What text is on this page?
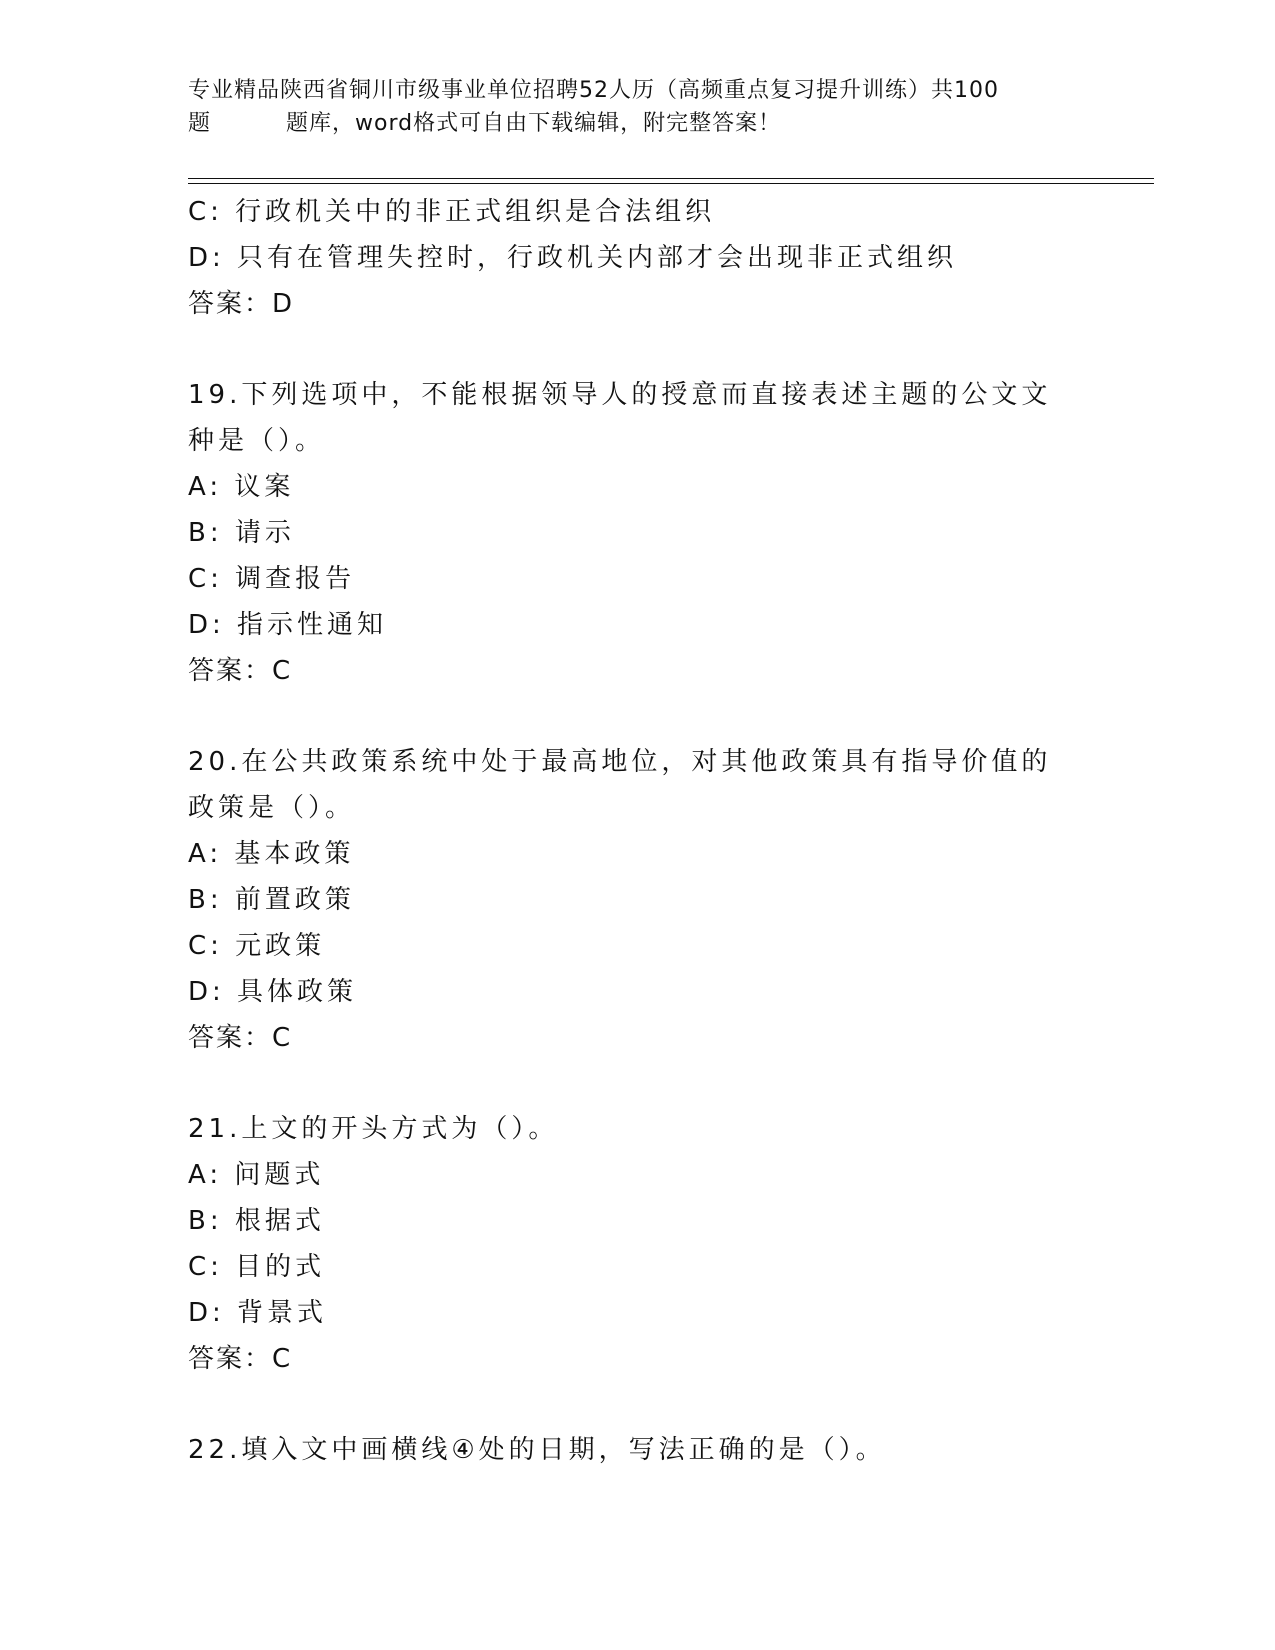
专业精品陕西省铜川市级事业单位招聘52人历（高频重点复习提升训练）共100
题	题库，word格式可自由下载编辑，附完整答案！
C: 行政机关中的非正式组织是合法组织
D: 只有在管理失控时，行政机关内部才会出现非正式组织
答案：D
19.下列选项中，不能根据领导人的授意而直接表述主题的公文文种是（）。
A: 议案
B: 请示
C: 调查报告
D: 指示性通知
答案：C
20.在公共政策系统中处于最高地位，对其他政策具有指导价值的政策是（）。
A: 基本政策
B: 前置政策
C: 元政策
D: 具体政策
答案：C
21.上文的开头方式为（）。
A: 问题式
B: 根据式
C: 目的式
D: 背景式
答案：C
22.填入文中画横线④处的日期，写法正确的是（）。
